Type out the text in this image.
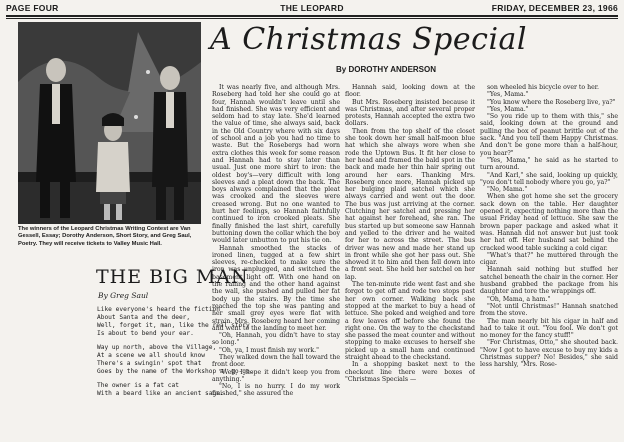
PAGE FOUR	THE LEOPARD	FRIDAY, DECEMBER 23, 1966
The winners of the Leopard Christmas Writing Contest are Van Gessell, Essay; Dorothy Anderson, Short Story, and Greg Saul, Poetry. They will receive tickets to Valley Music Hall.
A Christmas Special
By DOROTHY ANDERSON

It was nearly five, and although Mrs. Roseberg had told her she could go at four, Hannah wouldn't leave until she had finished. She was very efficient and seldom had to stay late. She'd learned the value of time, she always said, back in the Old Country where with six days of school and a job you had no time to waste. But the Rosebergs had worn extra clothes this week for some reason and Hannah had to stay later than usual. Just one more shirt to iron: the oldest boy's—very difficult with long sleeves and a pleat down the back. The boys always complained that the pleat was crooked and the sleeves were creased wrong. But no one wanted to hurt her feelings, so Hannah faithfully continued to iron crooked pleats. She finally finished the last shirt, carefully buttoning down the collar which the boy would later unbutton to put his tie on.

Hannah smoothed the stacks of ironed linen, tugged at a few shirt sleeves, re-checked to make sure the iron was unplugged, and switched the basement light off. With one hand on the railing and the other hand against the wall, she pushed and pulled her fat body up the stairs. By the time she reached the top she was panting and her small grey eyes were flat with strain. Mrs. Roseberg heard her coming and went to the landing to meet her.

"Oh, Hannah, you didn't have to stay so long."

"Oh, ya, I must finish my work."

They walked down the hall toward the front door.

"Well, I hope it didn't keep you from anything."

"No, I is no hurry. I do my work finished," she assured the

Hannah said, looking down at the floor.

But Mrs. Roseberg insisted because it was Christmas, and after several proper protests, Hannah accepted the extra two dollars.

Then from the top shelf of the closet she took down her small half-moon blue hat which she always wore when she rode the Uptown Bus. It fit her close to her head and framed the bald spot in the back and made her thin hair spring out around her ears. Thanking Mrs. Roseberg once more, Hannah picked up her bulging plaid satchel which she always carried and went out the door. The bus was just arriving at the corner. Clutching her satchel and pressing her hat against her forehead, she ran. The bus started up but someone saw Hannah and yelled to the driver and he waited for her to across the street. The bus driver was new and made her stand up in front while she got her pass out. She showed it to him and then fell down into a front seat. She held her satchel on her lap.

The ten-minute ride went fast and she forgot to get off and rode two stops past her own corner. Walking back she stopped at the market to buy a head of lettuce. She poked and weighed and tore a few leaves off before she found the right one. On the way to the checkstand she passed the meat counter and without stopping to make excuses to herself she picked up a small ham and continued straight ahead to the checkstand.

In a shopping basket next to the checkout line there were boxes of "Christmas Specials —

son wheeled his bicycle over to her.

"Yes, Mama."

"You know where the Roseberg live, ya?"

"Yes, Mama."

"So you ride up to them with this," she said, looking down at the ground and pulling the box of peanut brittle out of the sack. "And you tell them Happy Christmas. And don't be gone more than a half-hour, you hear?"

"Yes, Mama," he said as he started to turn around.

"And Karl," she said, looking up quickly, "you don't tell nobody where you go, ya?"

"No, Mama."

When she got home she set the grocery sack down on the table. Her daughter opened it, expecting nothing more than the usual Friday head of lettuce. She saw the brown paper package and asked what it was. Hannah did not answer but just took her hat off. Her husband sat behind the cracked wood table sucking a cold cigar.

"What's that?" he muttered through the cigar.

Hannah said nothing but stuffed her satchel beneath the chair in the corner. Her husband grabbed the package from his daughter and tore the wrappings off.

"Oh, Mama, a ham."

"Not until Christmas!" Hannah snatched from the stove.

The man nearly bit his cigar in half and had to take it out. "You fool. We don't got no money for the fancy stuff!"

"For Christmas, Otto," she shouted back. "Now I got to have excuse to buy my kids a Christmas supper? No! Besides," she said less harshly, "Mrs. Rose-

THE BIG MAN
By Greg Saul
Like everyone's heard the fiction
About Santa and the deer,
Well, forget it, man, like the real story
Is about to bend your ear.
Way up north, above the Village,
At a scene we all should know
There's a swingin' spot that
Goes by the name of the Workshop a' go-go.
The owner is a fat cat
With a beard like an ancient sage.
